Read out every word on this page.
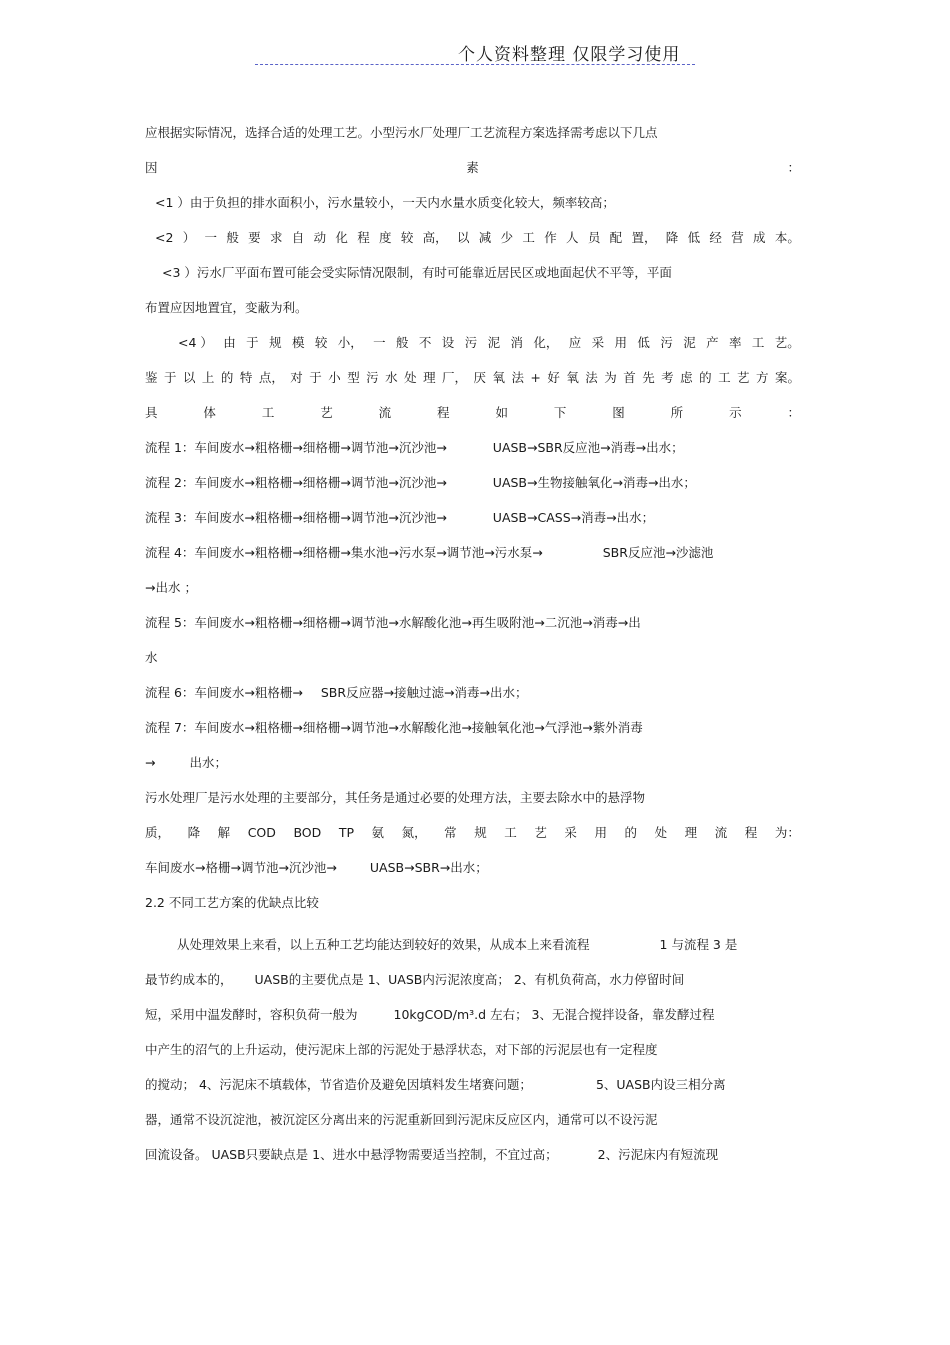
个人资料整理 仅限学习使用
应根据实际情况，选择合适的处理工艺。小型污水厂处理厂工艺流程方案选择需考虑以下几点
因	素	：
<1 ）由于负担的排水面积小，污水量较小，一天内水量水质变化较大，频率较高；
<2 ） 一 般 要 求 自 动 化 程 度 较 高， 以 减 少 工 作 人 员 配 置， 降 低 经 营 成 本。
<3 ）污水厂平面布置可能会受实际情况限制，有时可能靠近居民区或地面起伏不平等，平面
布置应因地置宜，变蔽为利。
<4 ） 由 于 规 模 较 小， 一 般 不 设 污 泥 消 化， 应 采 用 低 污 泥 产 率 工 艺。
鉴 于 以 上 的 特 点， 对 于 小 型 污 水 处 理 厂， 厌 氧 法 + 好 氧 法 为 首 先 考 虑 的 工 艺 方 案。
具	体	工	艺	流	程	如	下	图	所	示	：
流程 1：车间废水→粗格栅→细格栅→调节池→沉沙池→	UASB→SBR反应池→消毒→出水；
流程 2：车间废水→粗格栅→细格栅→调节池→沉沙池→	UASB→生物接触氧化→消毒→出水；
流程 3：车间废水→粗格栅→细格栅→调节池→沉沙池→	UASB→CASS→消毒→出水；
流程 4：车间废水→粗格栅→细格栅→集水池→污水泵→调节池→污水泵→	SBR反应池→沙滤池
→出水 ；
流程 5：车间废水→粗格栅→细格栅→调节池→水解酸化池→再生吸附池→二沉池→消毒→出
水
流程 6：车间废水→粗格栅→ SBR反应器→接触过滤→消毒→出水；
流程 7：车间废水→粗格栅→细格栅→调节池→水解酸化池→接触氧化池→气浮池→紫外消毒
→	出水；
污水处理厂是污水处理的主要部分，其任务是通过必要的处理方法，主要去除水中的悬浮物
质， 降 解 COD BOD TP 氨 氮， 常 规 工 艺 采 用 的 处 理 流 程 为：
车间废水→格栅→调节池→沉沙池→	UASB→SBR→出水；
2.2 不同工艺方案的优缺点比较
从处理效果上来看，以上五种工艺均能达到较好的效果，从成本上来看流程	1 与流程 3 是
最节约成本的， UASB的主要优点是 1、UASB内污泥浓度高； 2、有机负荷高，水力停留时间
短，采用中温发酵时，容积负荷一般为	10kgCOD/m³.d 左右； 3、无混合搅拌设备，靠发酵过程
中产生的沼气的上升运动，使污泥床上部的污泥处于悬浮状态，对下部的污泥层也有一定程度
的搅动； 4、污泥床不填载体，节省造价及避免因填料发生堵赛问题；	5、UASB内设三相分离
器，通常不设沉淀池，被沉淀区分离出来的污泥重新回到污泥床反应区内，通常可以不设污泥
回流设备。 UASB只要缺点是 1、进水中悬浮物需要适当控制，不宜过高；	2、污泥床内有短流现
